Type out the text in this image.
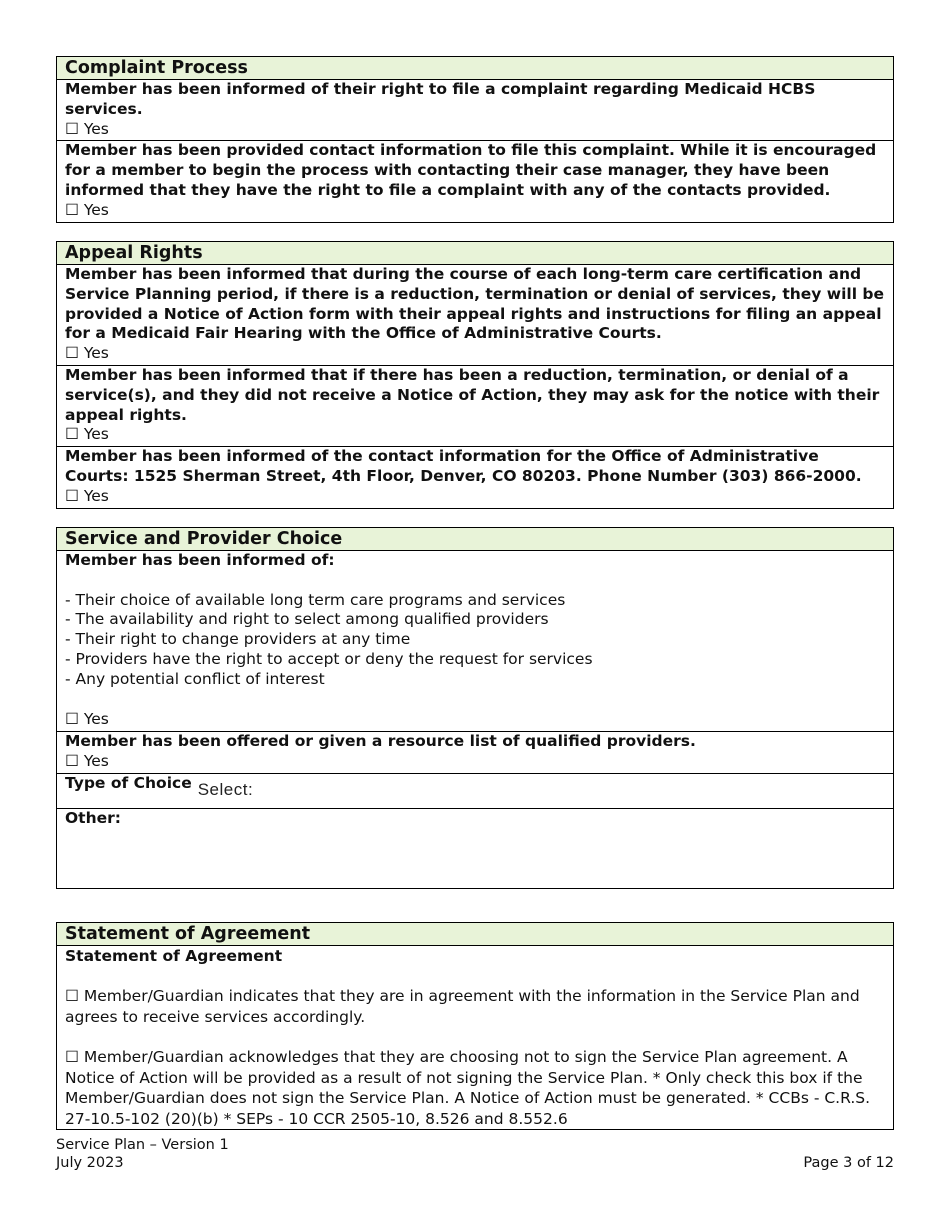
Complaint Process
Member has been informed of their right to file a complaint regarding Medicaid HCBS services.
☐ Yes
Member has been provided contact information to file this complaint. While it is encouraged for a member to begin the process with contacting their case manager, they have been informed that they have the right to file a complaint with any of the contacts provided.
☐ Yes
Appeal Rights
Member has been informed that during the course of each long-term care certification and Service Planning period, if there is a reduction, termination or denial of services, they will be provided a Notice of Action form with their appeal rights and instructions for filing an appeal for a Medicaid Fair Hearing with the Office of Administrative Courts.
☐ Yes
Member has been informed that if there has been a reduction, termination, or denial of a service(s), and they did not receive a Notice of Action, they may ask for the notice with their appeal rights.
☐ Yes
Member has been informed of the contact information for the Office of Administrative Courts: 1525 Sherman Street, 4th Floor, Denver, CO 80203. Phone Number (303) 866-2000.
☐ Yes
Service and Provider Choice
Member has been informed of:
- Their choice of available long term care programs and services
- The availability and right to select among qualified providers
- Their right to change providers at any time
- Providers have the right to accept or deny the request for services
- Any potential conflict of interest
☐ Yes
Member has been offered or given a resource list of qualified providers.
☐ Yes
Type of Choice Select:
Other:
Statement of Agreement
Statement of Agreement
☐ Member/Guardian indicates that they are in agreement with the information in the Service Plan and agrees to receive services accordingly.
☐ Member/Guardian acknowledges that they are choosing not to sign the Service Plan agreement. A Notice of Action will be provided as a result of not signing the Service Plan. * Only check this box if the Member/Guardian does not sign the Service Plan. A Notice of Action must be generated. * CCBs - C.R.S. 27-10.5-102 (20)(b) * SEPs - 10 CCR 2505-10, 8.526 and 8.552.6
Service Plan – Version 1
July 2023	Page 3 of 12
